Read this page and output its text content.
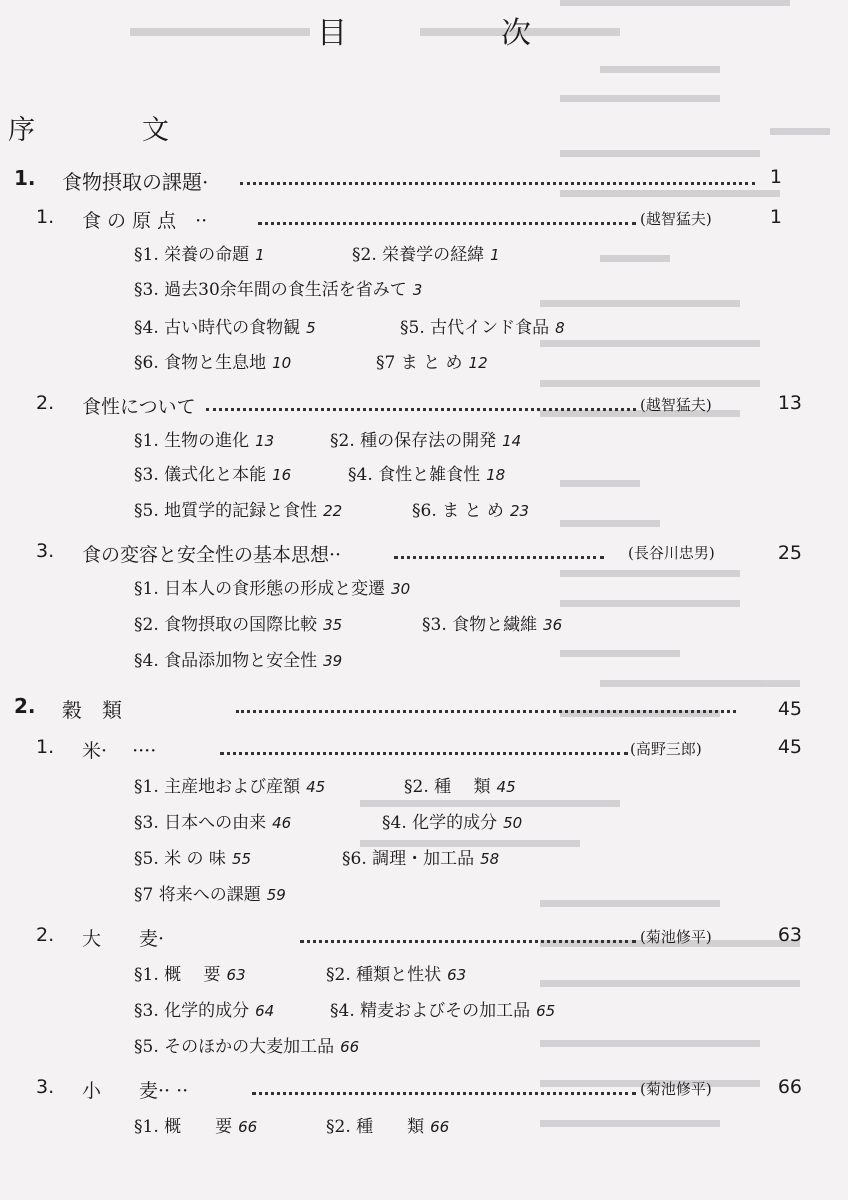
目　次
序　文
1. 食物摂取の課題·	1
1. 食 の 原 点　··	(越智猛夫)	1
§1. 栄養の命題 1	§2. 栄養学の経緯 1
§3. 過去30余年間の食生活を省みて 3
§4. 古い時代の食物観 5	§5. 古代インド食品 8
§6. 食物と生息地 10	§7 ま と め 12
2. 食性について	(越智猛夫)	13
§1. 生物の進化 13	§2. 種の保存法の開発 14
§3. 儀式化と本能 16	§4. 食性と雑食性 18
§5. 地質学的記録と食性 22	§6. ま と め 23
3. 食の変容と安全性の基本思想··	(長谷川忠男)	25
§1. 日本人の食形態の形成と変遷 30
§2. 食物摂取の国際比較 35	§3. 食物と繊維 36
§4. 食品添加物と安全性 39
2. 穀　類	45
1. 米·　 ····	(高野三郎)	45
§1. 主産地および産額 45	§2. 種　 類 45
§3. 日本への由来 46	§4. 化学的成分 50
§5. 米 の 味 55	§6. 調理・加工品 58
§7 将来への課題 59
2. 大　　麦·	(菊池修平)	63
§1. 概　 要 63	§2. 種類と性状 63
§3. 化学的成分 64	§4. 精麦およびその加工品 65
§5. そのほかの大麦加工品 66
3. 小　　麦·· ··	(菊池修平)	66
§1. 概　　要 66	§2. 種　　類 66
